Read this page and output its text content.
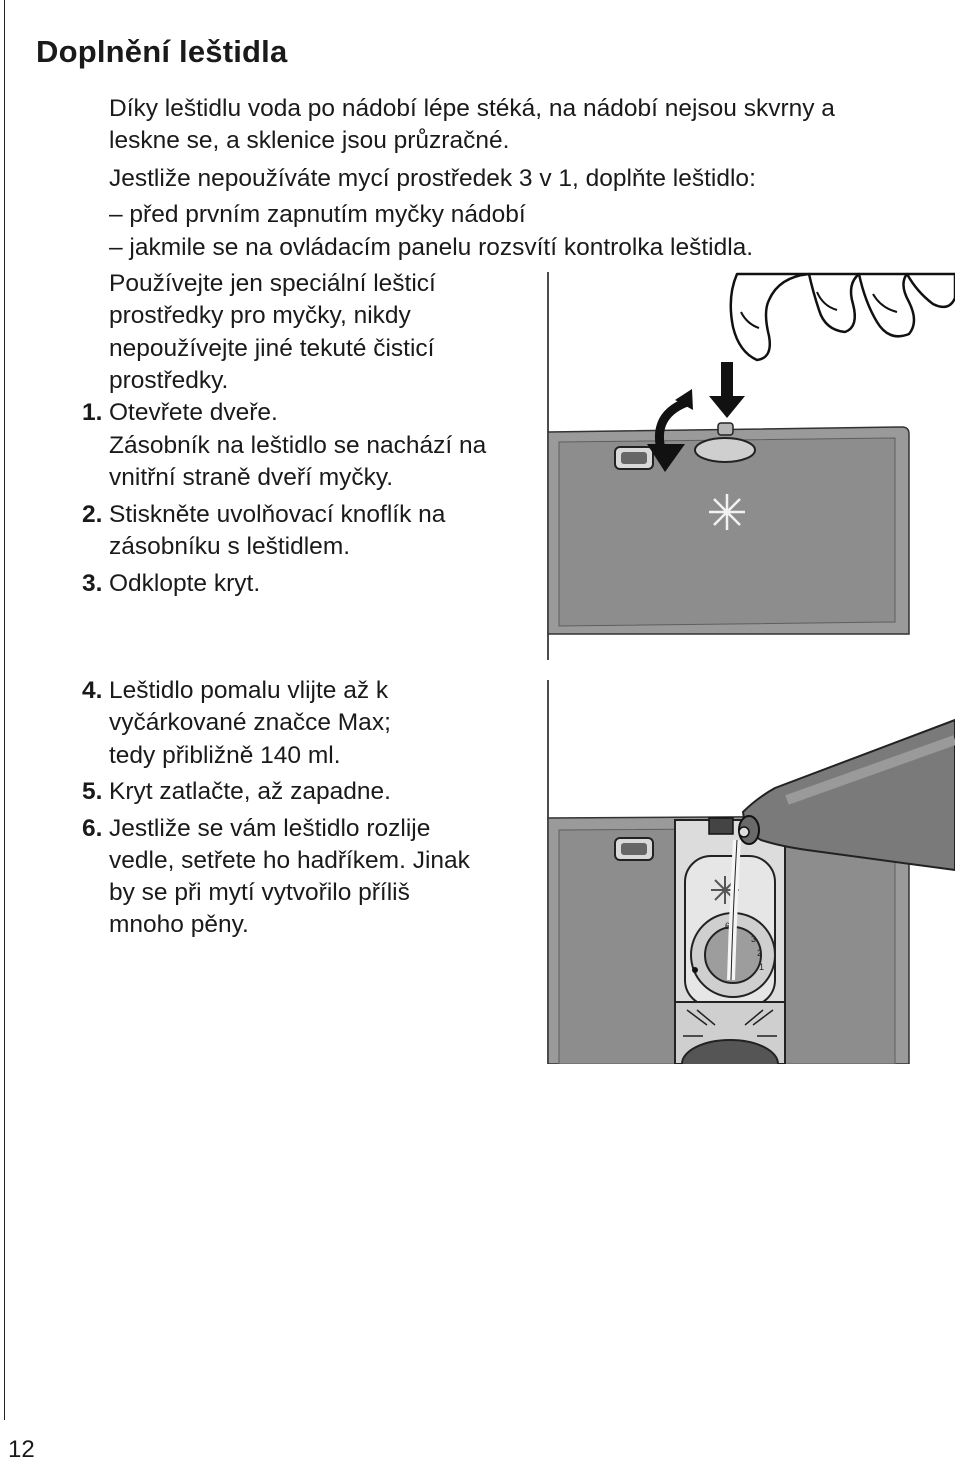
Doplnění leštidla
Díky leštidlu voda po nádobí lépe stéká, na nádobí nejsou skvrny a
leskne se, a sklenice jsou průzračné.
Jestliže nepoužíváte mycí prostředek 3 v 1, doplňte leštidlo:
– před prvním zapnutím myčky nádobí
– jakmile se na ovládacím panelu rozsvítí kontrolka leštidla.
Používejte jen speciální lešticí
prostředky pro myčky, nikdy
nepoužívejte jiné tekuté čisticí
prostředky.
1. Otevřete dveře.
Zásobník na leštidlo se nachází na
vnitřní straně dveří myčky.
2. Stiskněte uvolňovací knoflík na
zásobníku s leštidlem.
3. Odklopte kryt.
4. Leštidlo pomalu vlijte až k
vyčárkované značce Max;
tedy přibližně 140 ml.
5. Kryt zatlačte, až zapadne.
6. Jestliže se vám leštidlo rozlije
vedle, setřete ho hadříkem. Jinak
by se při mytí vytvořilo příliš
mnoho pěny.	6
3
2
1
12
